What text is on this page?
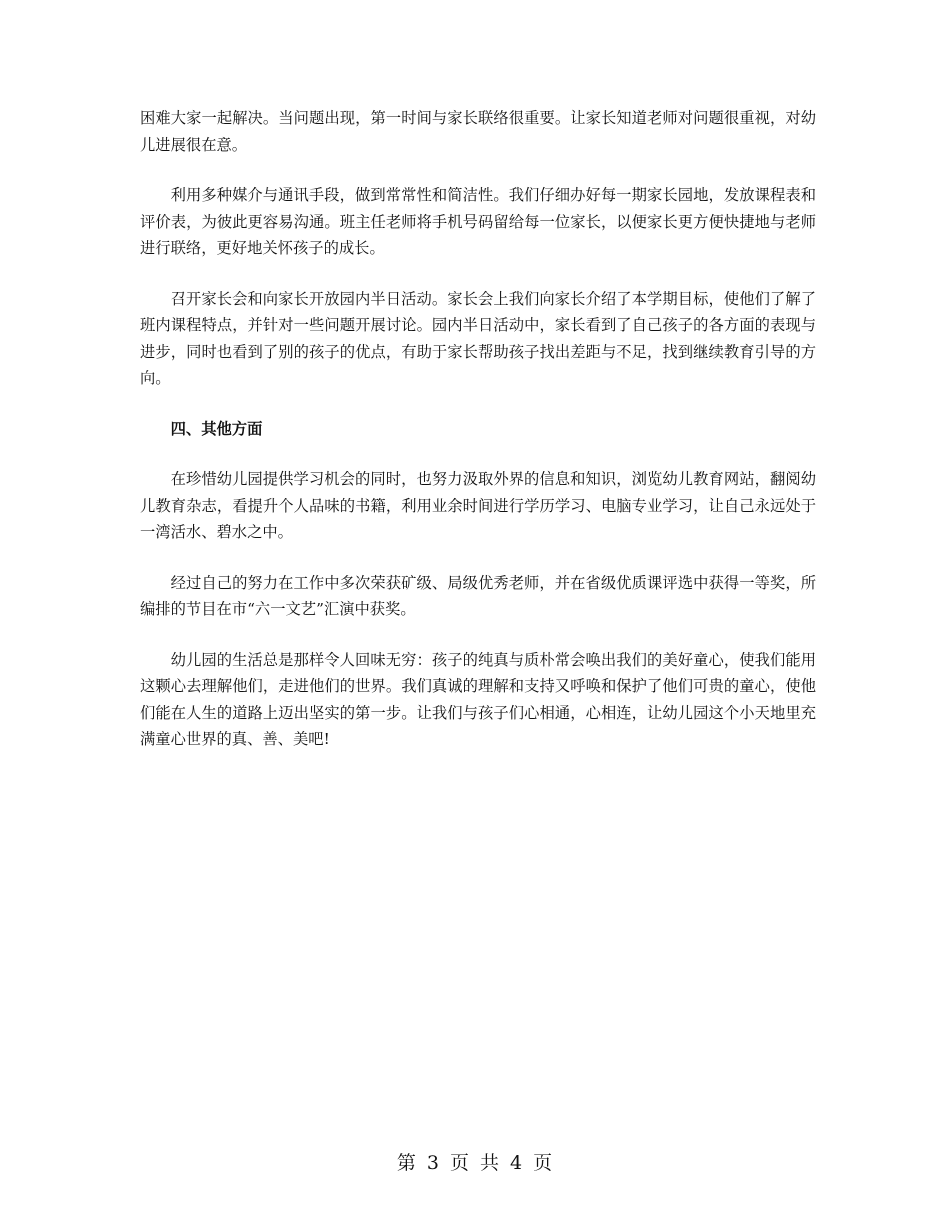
困难大家一起解决。当问题出现，第一时间与家长联络很重要。让家长知道老师对问题很重视，对幼儿进展很在意。

利用多种媒介与通讯手段，做到常常性和简洁性。我们仔细办好每一期家长园地，发放课程表和评价表，为彼此更容易沟通。班主任老师将手机号码留给每一位家长，以便家长更方便快捷地与老师进行联络，更好地关怀孩子的成长。

召开家长会和向家长开放园内半日活动。家长会上我们向家长介绍了本学期目标，使他们了解了班内课程特点，并针对一些问题开展讨论。园内半日活动中，家长看到了自己孩子的各方面的表现与进步，同时也看到了别的孩子的优点，有助于家长帮助孩子找出差距与不足，找到继续教育引导的方向。

四、其他方面

在珍惜幼儿园提供学习机会的同时，也努力汲取外界的信息和知识，浏览幼儿教育网站，翻阅幼儿教育杂志，看提升个人品味的书籍，利用业余时间进行学历学习、电脑专业学习，让自己永远处于一湾活水、碧水之中。

经过自己的努力在工作中多次荣获矿级、局级优秀老师，并在省级优质课评选中获得一等奖，所编排的节目在市“六一文艺”汇演中获奖。

幼儿园的生活总是那样令人回味无穷：孩子的纯真与质朴常会唤出我们的美好童心，使我们能用这颗心去理解他们，走进他们的世界。我们真诚的理解和支持又呼唤和保护了他们可贵的童心，使他们能在人生的道路上迈出坚实的第一步。让我们与孩子们心相通，心相连，让幼儿园这个小天地里充满童心世界的真、善、美吧!

第 3 页 共 4 页
